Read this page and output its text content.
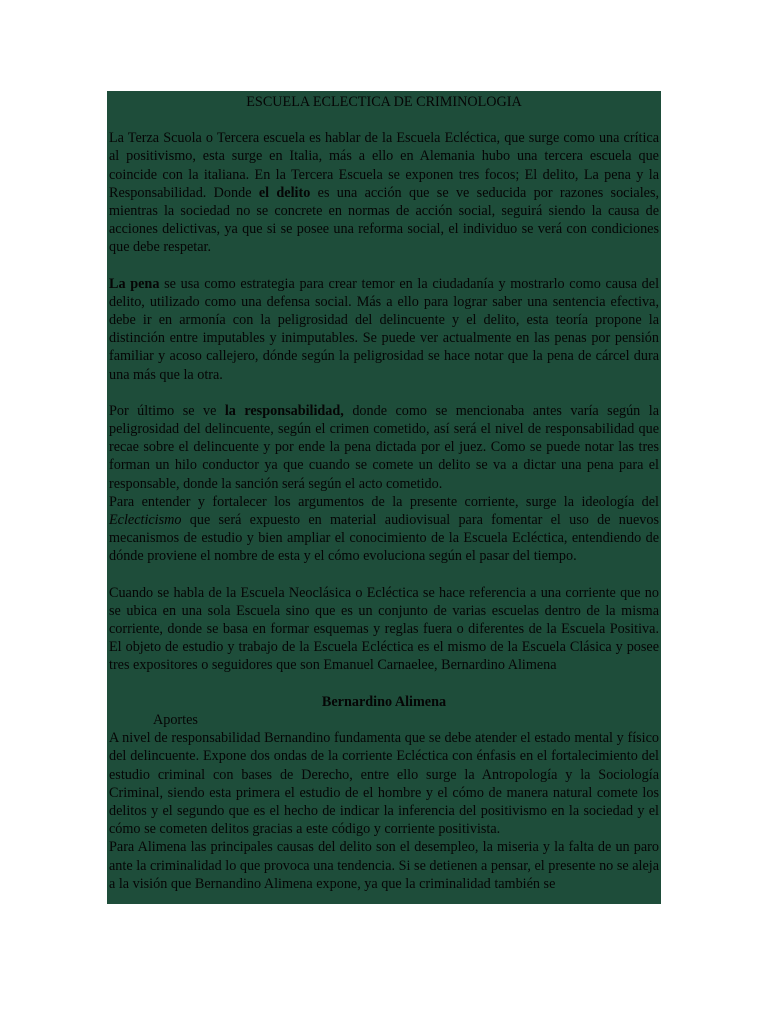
ESCUELA ECLECTICA DE CRIMINOLOGIA

La Terza Scuola o Tercera escuela es hablar de la Escuela Ecléctica, que surge como una crítica al positivismo, esta surge en Italia, más a ello en Alemania hubo una tercera escuela que coincide con la italiana. En la Tercera Escuela se exponen tres focos; El delito, La pena y la Responsabilidad. Donde el delito es una acción que se ve seducida por razones sociales, mientras la sociedad no se concrete en normas de acción social, seguirá siendo la causa de acciones delictivas, ya que si se posee una reforma social, el individuo se verá con condiciones que debe respetar.

La pena se usa como estrategia para crear temor en la ciudadanía y mostrarlo como causa del delito, utilizado como una defensa social. Más a ello para lograr saber una sentencia efectiva, debe ir en armonía con la peligrosidad del delincuente y el delito, esta teoría propone la distinción entre imputables y inimputables. Se puede ver actualmente en las penas por pensión familiar y acoso callejero, dónde según la peligrosidad se hace notar que la pena de cárcel dura una más que la otra.

Por último se ve la responsabilidad, donde como se mencionaba antes varía según la peligrosidad del delincuente, según el crimen cometido, así será el nivel de responsabilidad que recae sobre el delincuente y por ende la pena dictada por el juez. Como se puede notar las tres forman un hilo conductor ya que cuando se comete un delito se va a dictar una pena para el responsable, donde la sanción será según el acto cometido.

Para entender y fortalecer los argumentos de la presente corriente, surge la ideología del Eclecticismo que será expuesto en material audiovisual para fomentar el uso de nuevos mecanismos de estudio y bien ampliar el conocimiento de la Escuela Ecléctica, entendiendo de dónde proviene el nombre de esta y el cómo evoluciona según el pasar del tiempo.

Cuando se habla de la Escuela Neoclásica o Ecléctica se hace referencia a una corriente que no se ubica en una sola Escuela sino que es un conjunto de varias escuelas dentro de la misma corriente, donde se basa en formar esquemas y reglas fuera o diferentes de la Escuela Positiva. El objeto de estudio y trabajo de la Escuela Ecléctica es el mismo de la Escuela Clásica y posee tres expositores o seguidores que son Emanuel Carnaelee, Bernardino Alimena

Bernardino Alimena

Aportes

A nivel de responsabilidad Bernandino fundamenta que se debe atender el estado mental y físico del delincuente. Expone dos ondas de la corriente Ecléctica con énfasis en el fortalecimiento del estudio criminal con bases de Derecho, entre ello surge la Antropología y la Sociología Criminal, siendo esta primera el estudio de el hombre y el cómo de manera natural comete los delitos y el segundo que es el hecho de indicar la inferencia del positivismo en la sociedad y el cómo se cometen delitos gracias a este código y corriente positivista.

Para Alimena las principales causas del delito son el desempleo, la miseria y la falta de un paro ante la criminalidad lo que provoca una tendencia. Si se detienen a pensar, el presente no se aleja a la visión que Bernandino Alimena expone, ya que la criminalidad también se
